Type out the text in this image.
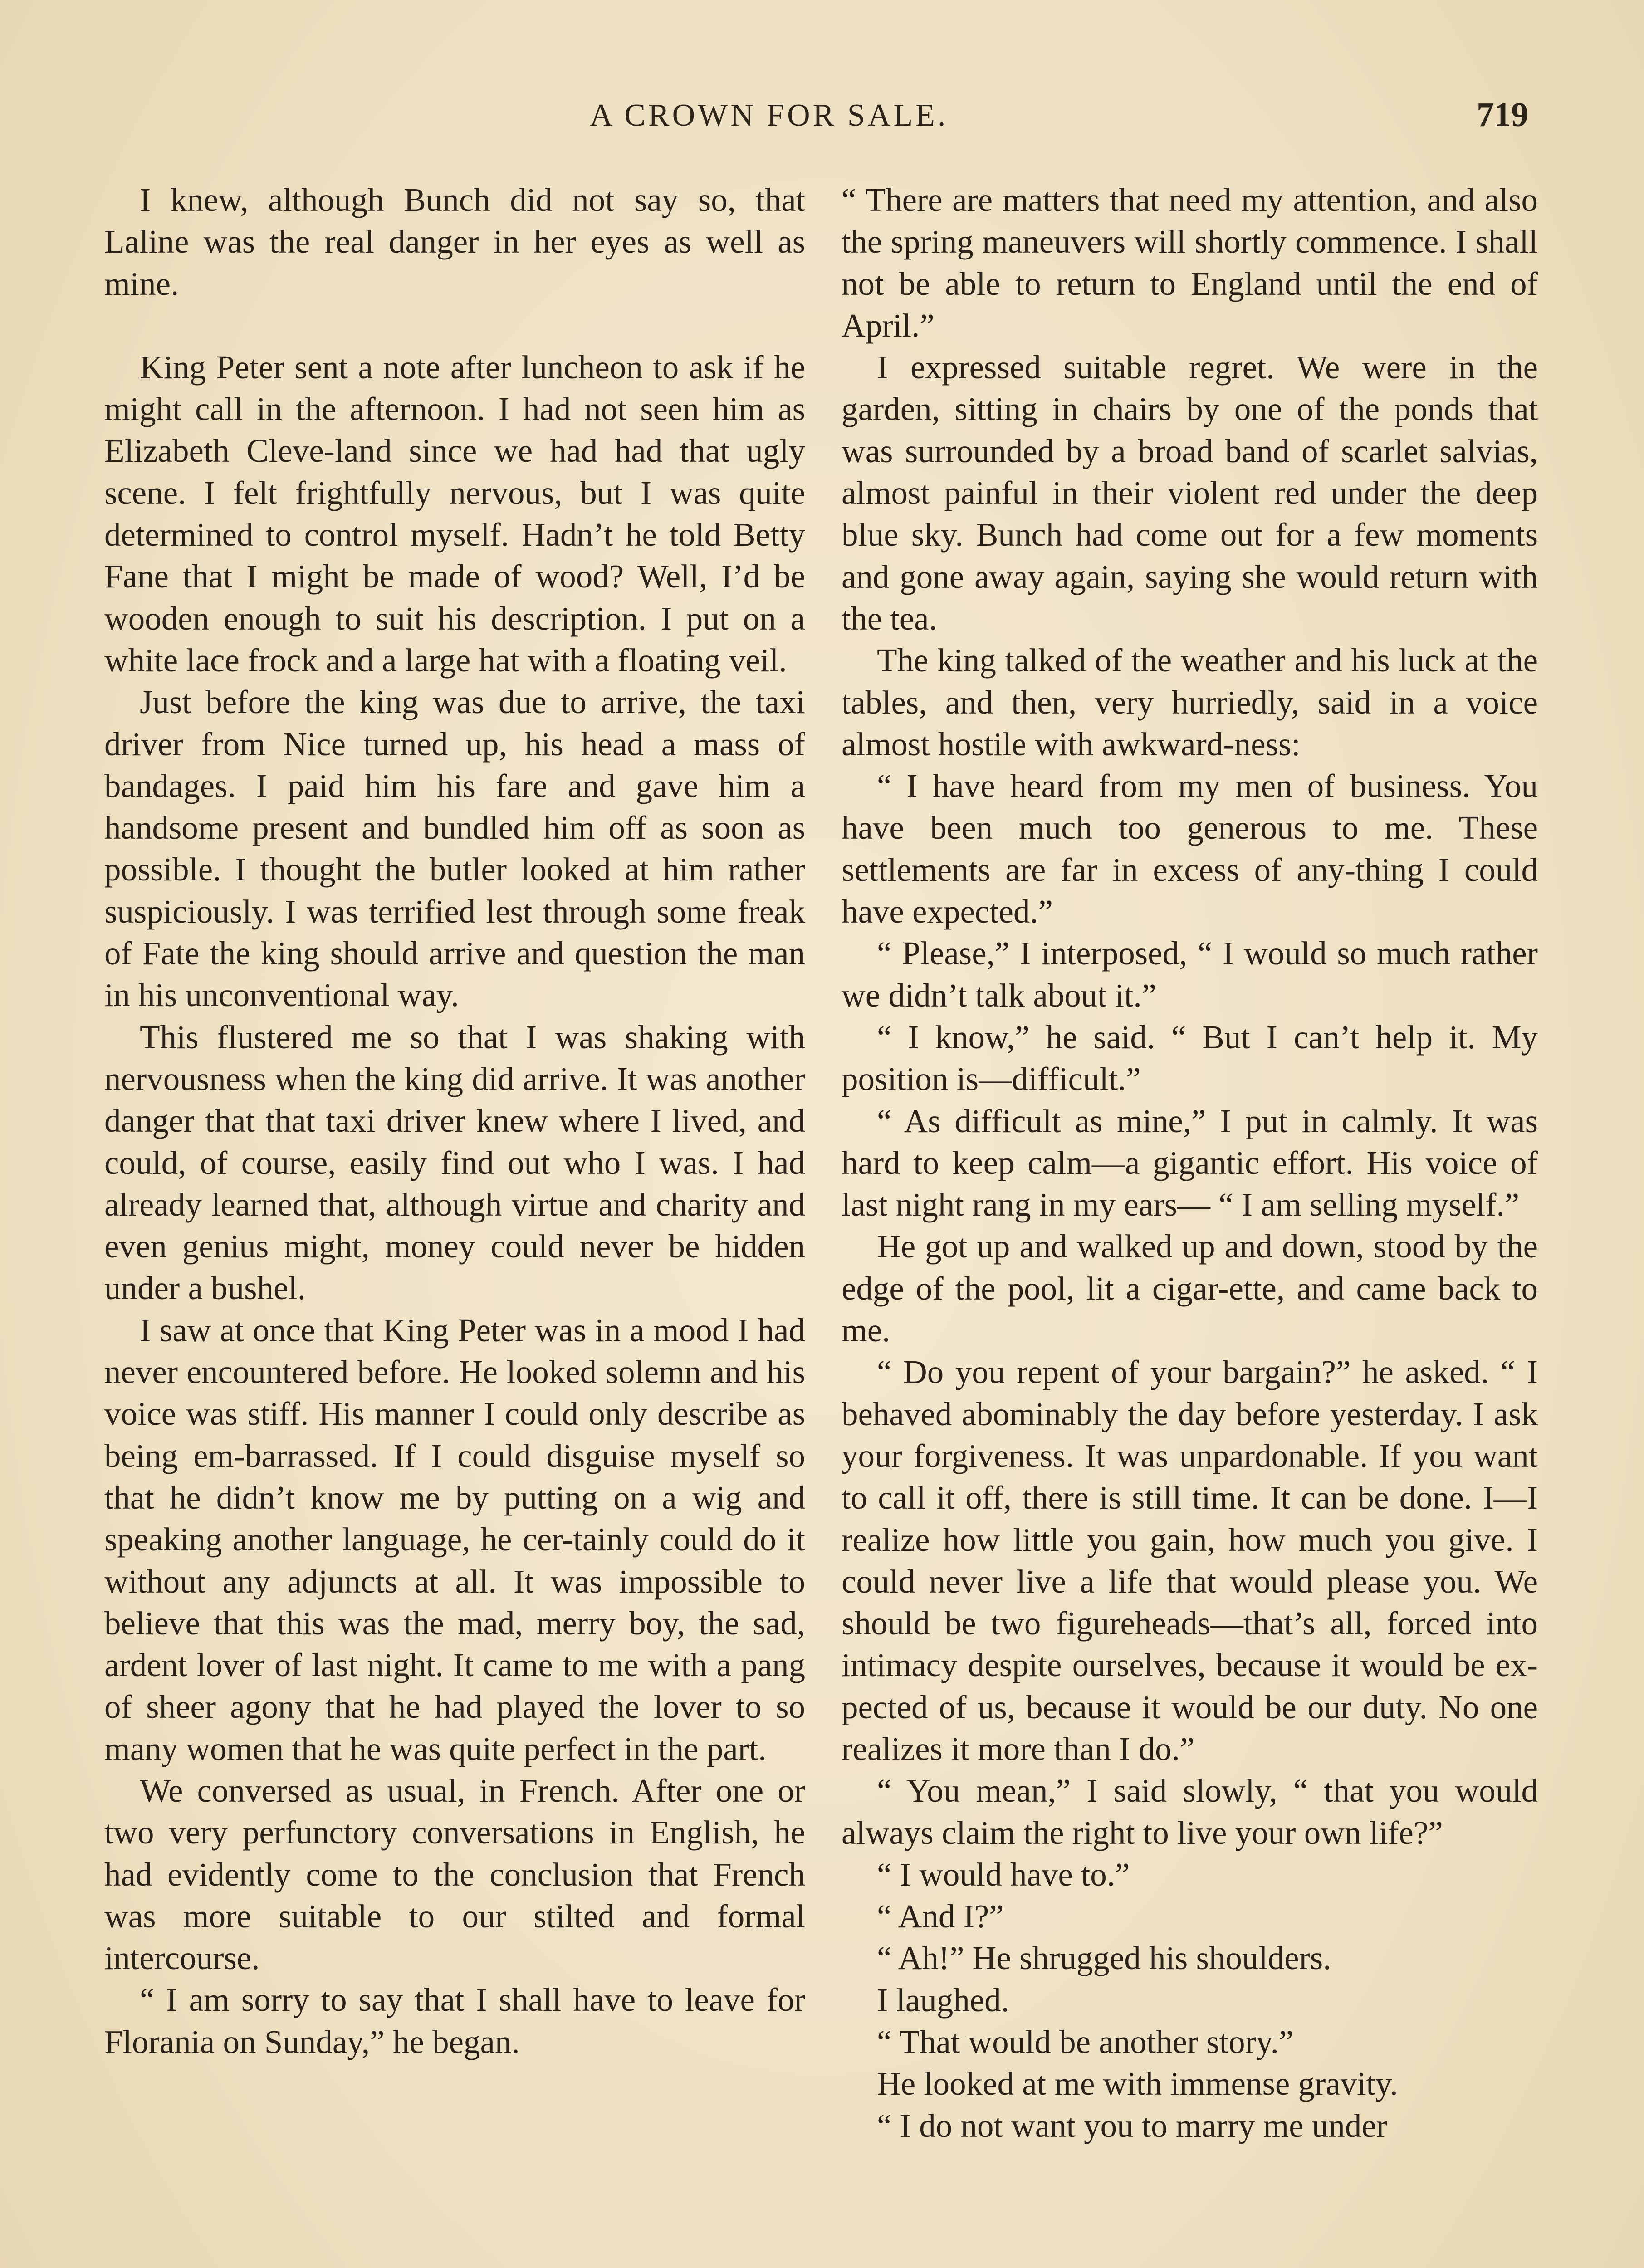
A CROWN FOR SALE.	719

I knew, although Bunch did not say so, that Laline was the real danger in her eyes as well as mine.

King Peter sent a note after luncheon to ask if he might call in the afternoon. I had not seen him as Elizabeth Cleve-land since we had had that ugly scene. I felt frightfully nervous, but I was quite determined to control myself. Hadn’t he told Betty Fane that I might be made of wood? Well, I’d be wooden enough to suit his description. I put on a white lace frock and a large hat with a floating veil.

Just before the king was due to arrive, the taxi driver from Nice turned up, his head a mass of bandages. I paid him his fare and gave him a handsome present and bundled him off as soon as possible. I thought the butler looked at him rather suspiciously. I was terrified lest through some freak of Fate the king should arrive and question the man in his unconventional way.

This flustered me so that I was shaking with nervousness when the king did arrive. It was another danger that that taxi driver knew where I lived, and could, of course, easily find out who I was. I had already learned that, although virtue and charity and even genius might, money could never be hidden under a bushel.

I saw at once that King Peter was in a mood I had never encountered before. He looked solemn and his voice was stiff. His manner I could only describe as being em-barrassed. If I could disguise myself so that he didn’t know me by putting on a wig and speaking another language, he cer-tainly could do it without any adjuncts at all. It was impossible to believe that this was the mad, merry boy, the sad, ardent lover of last night. It came to me with a pang of sheer agony that he had played the lover to so many women that he was quite perfect in the part.

We conversed as usual, in French. After one or two very perfunctory conversations in English, he had evidently come to the conclusion that French was more suitable to our stilted and formal intercourse.

“ I am sorry to say that I shall have to leave for Florania on Sunday,” he began.

“ There are matters that need my attention, and also the spring maneuvers will shortly commence. I shall not be able to return to England until the end of April.”

I expressed suitable regret. We were in the garden, sitting in chairs by one of the ponds that was surrounded by a broad band of scarlet salvias, almost painful in their violent red under the deep blue sky. Bunch had come out for a few moments and gone away again, saying she would return with the tea.

The king talked of the weather and his luck at the tables, and then, very hurriedly, said in a voice almost hostile with awkward-ness:

“ I have heard from my men of business. You have been much too generous to me. These settlements are far in excess of any-thing I could have expected.”

“ Please,” I interposed, “ I would so much rather we didn’t talk about it.”

“ I know,” he said. “ But I can’t help it. My position is—difficult.”

“ As difficult as mine,” I put in calmly. It was hard to keep calm—a gigantic effort. His voice of last night rang in my ears— “ I am selling myself.”

He got up and walked up and down, stood by the edge of the pool, lit a cigar-ette, and came back to me.

“ Do you repent of your bargain?” he asked. “ I behaved abominably the day before yesterday. I ask your forgiveness. It was unpardonable. If you want to call it off, there is still time. It can be done. I—I realize how little you gain, how much you give. I could never live a life that would please you. We should be two figureheads—that’s all, forced into intimacy despite ourselves, because it would be ex-pected of us, because it would be our duty. No one realizes it more than I do.”

“ You mean,” I said slowly, “ that you would always claim the right to live your own life?”

“ I would have to.”

“ And I?”

“ Ah!” He shrugged his shoulders.

I laughed.

“ That would be another story.”

He looked at me with immense gravity.

“ I do not want you to marry me under
